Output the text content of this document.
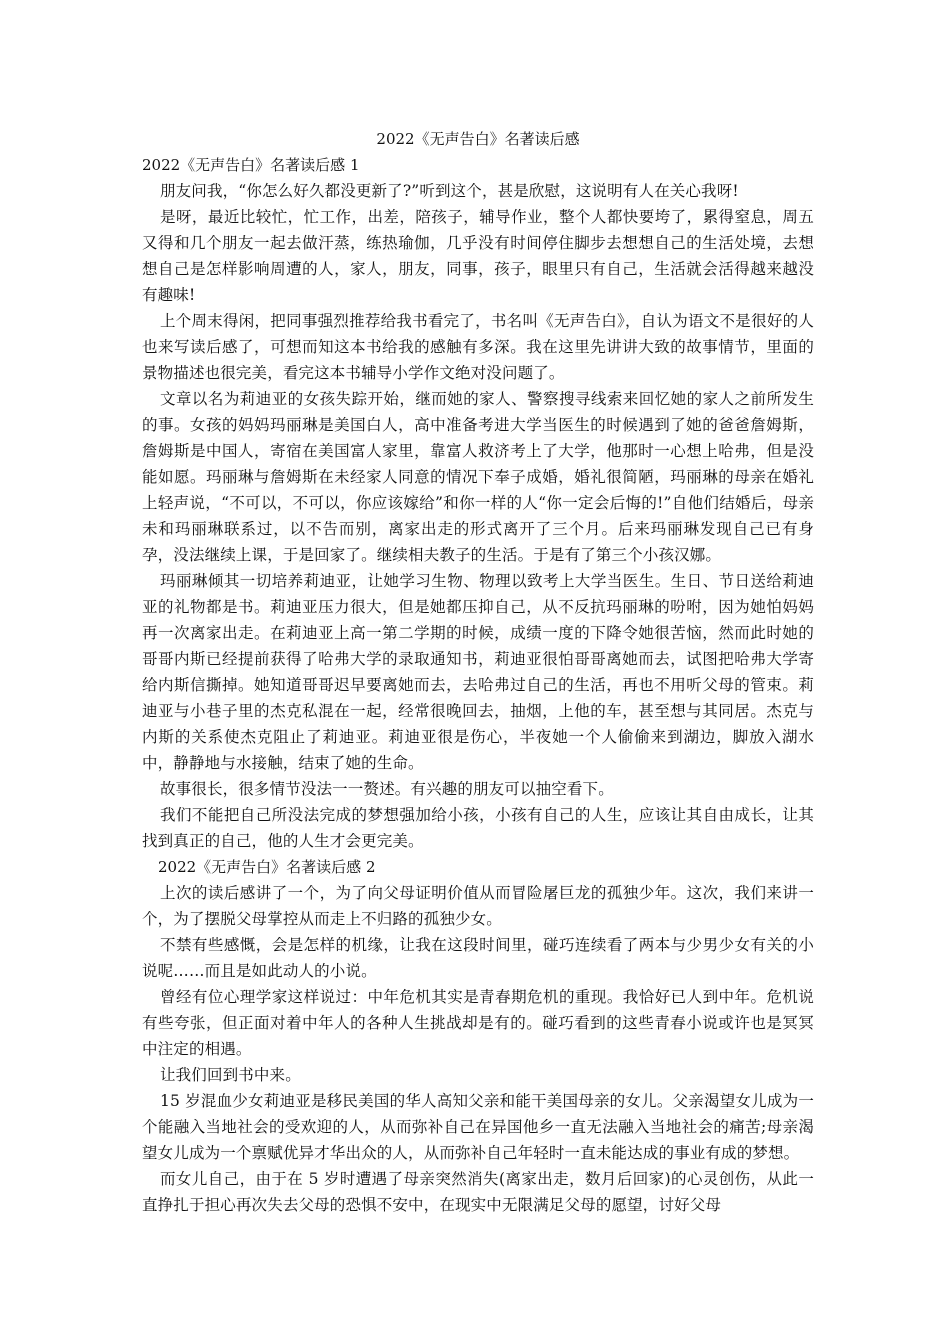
2022《无声告白》名著读后感
2022《无声告白》名著读后感 1

朋友问我，“你怎么好久都没更新了?”听到这个，甚是欣慰，这说明有人在关心我呀!

是呀，最近比较忙，忙工作，出差，陪孩子，辅导作业，整个人都快要垮了，累得窒息，周五又得和几个朋友一起去做汗蒸，练热瑜伽，几乎没有时间停住脚步去想想自己的生活处境，去想想自己是怎样影响周遭的人，家人，朋友，同事，孩子，眼里只有自己，生活就会活得越来越没有趣味!

上个周末得闲，把同事强烈推荐给我书看完了，书名叫《无声告白》，自认为语文不是很好的人也来写读后感了，可想而知这本书给我的感触有多深。我在这里先讲讲大致的故事情节，里面的景物描述也很完美，看完这本书辅导小学作文绝对没问题了。

文章以名为莉迪亚的女孩失踪开始，继而她的家人、警察搜寻线索来回忆她的家人之前所发生的事。女孩的妈妈玛丽琳是美国白人，高中准备考进大学当医生的时候遇到了她的爸爸詹姆斯，詹姆斯是中国人，寄宿在美国富人家里，靠富人救济考上了大学，他那时一心想上哈弗，但是没能如愿。玛丽琳与詹姆斯在未经家人同意的情况下奉子成婚，婚礼很简陋，玛丽琳的母亲在婚礼上轻声说，“不可以，不可以，你应该嫁给”和你一样的人“你一定会后悔的!”自他们结婚后，母亲未和玛丽琳联系过，以不告而别，离家出走的形式离开了三个月。后来玛丽琳发现自己已有身孕，没法继续上课，于是回家了。继续相夫教子的生活。于是有了第三个小孩汉娜。

玛丽琳倾其一切培养莉迪亚，让她学习生物、物理以致考上大学当医生。生日、节日送给莉迪亚的礼物都是书。莉迪亚压力很大，但是她都压抑自己，从不反抗玛丽琳的吩咐，因为她怕妈妈再一次离家出走。在莉迪亚上高一第二学期的时候，成绩一度的下降令她很苦恼，然而此时她的哥哥内斯已经提前获得了哈弗大学的录取通知书，莉迪亚很怕哥哥离她而去，试图把哈弗大学寄给内斯信撕掉。她知道哥哥迟早要离她而去，去哈弗过自己的生活，再也不用听父母的管束。莉迪亚与小巷子里的杰克私混在一起，经常很晚回去，抽烟，上他的车，甚至想与其同居。杰克与内斯的关系使杰克阻止了莉迪亚。莉迪亚很是伤心，半夜她一个人偷偷来到湖边，脚放入湖水中，静静地与水接触，结束了她的生命。

故事很长，很多情节没法一一赘述。有兴趣的朋友可以抽空看下。

我们不能把自己所没法完成的梦想强加给小孩，小孩有自己的人生，应该让其自由成长，让其找到真正的自己，他的人生才会更完美。

2022《无声告白》名著读后感 2

上次的读后感讲了一个，为了向父母证明价值从而冒险屠巨龙的孤独少年。这次，我们来讲一个，为了摆脱父母掌控从而走上不归路的孤独少女。

不禁有些感慨，会是怎样的机缘，让我在这段时间里，碰巧连续看了两本与少男少女有关的小说呢……而且是如此动人的小说。

曾经有位心理学家这样说过：中年危机其实是青春期危机的重现。我恰好已人到中年。危机说有些夸张，但正面对着中年人的各种人生挑战却是有的。碰巧看到的这些青春小说或许也是冥冥中注定的相遇。

让我们回到书中来。

15 岁混血少女莉迪亚是移民美国的华人高知父亲和能干美国母亲的女儿。父亲渴望女儿成为一个能融入当地社会的受欢迎的人，从而弥补自己在异国他乡一直无法融入当地社会的痛苦;母亲渴望女儿成为一个禀赋优异才华出众的人，从而弥补自己年轻时一直未能达成的事业有成的梦想。

而女儿自己，由于在 5 岁时遭遇了母亲突然消失(离家出走，数月后回家)的心灵创伤，从此一直挣扎于担心再次失去父母的恐惧不安中，在现实中无限满足父母的愿望，讨好父母
